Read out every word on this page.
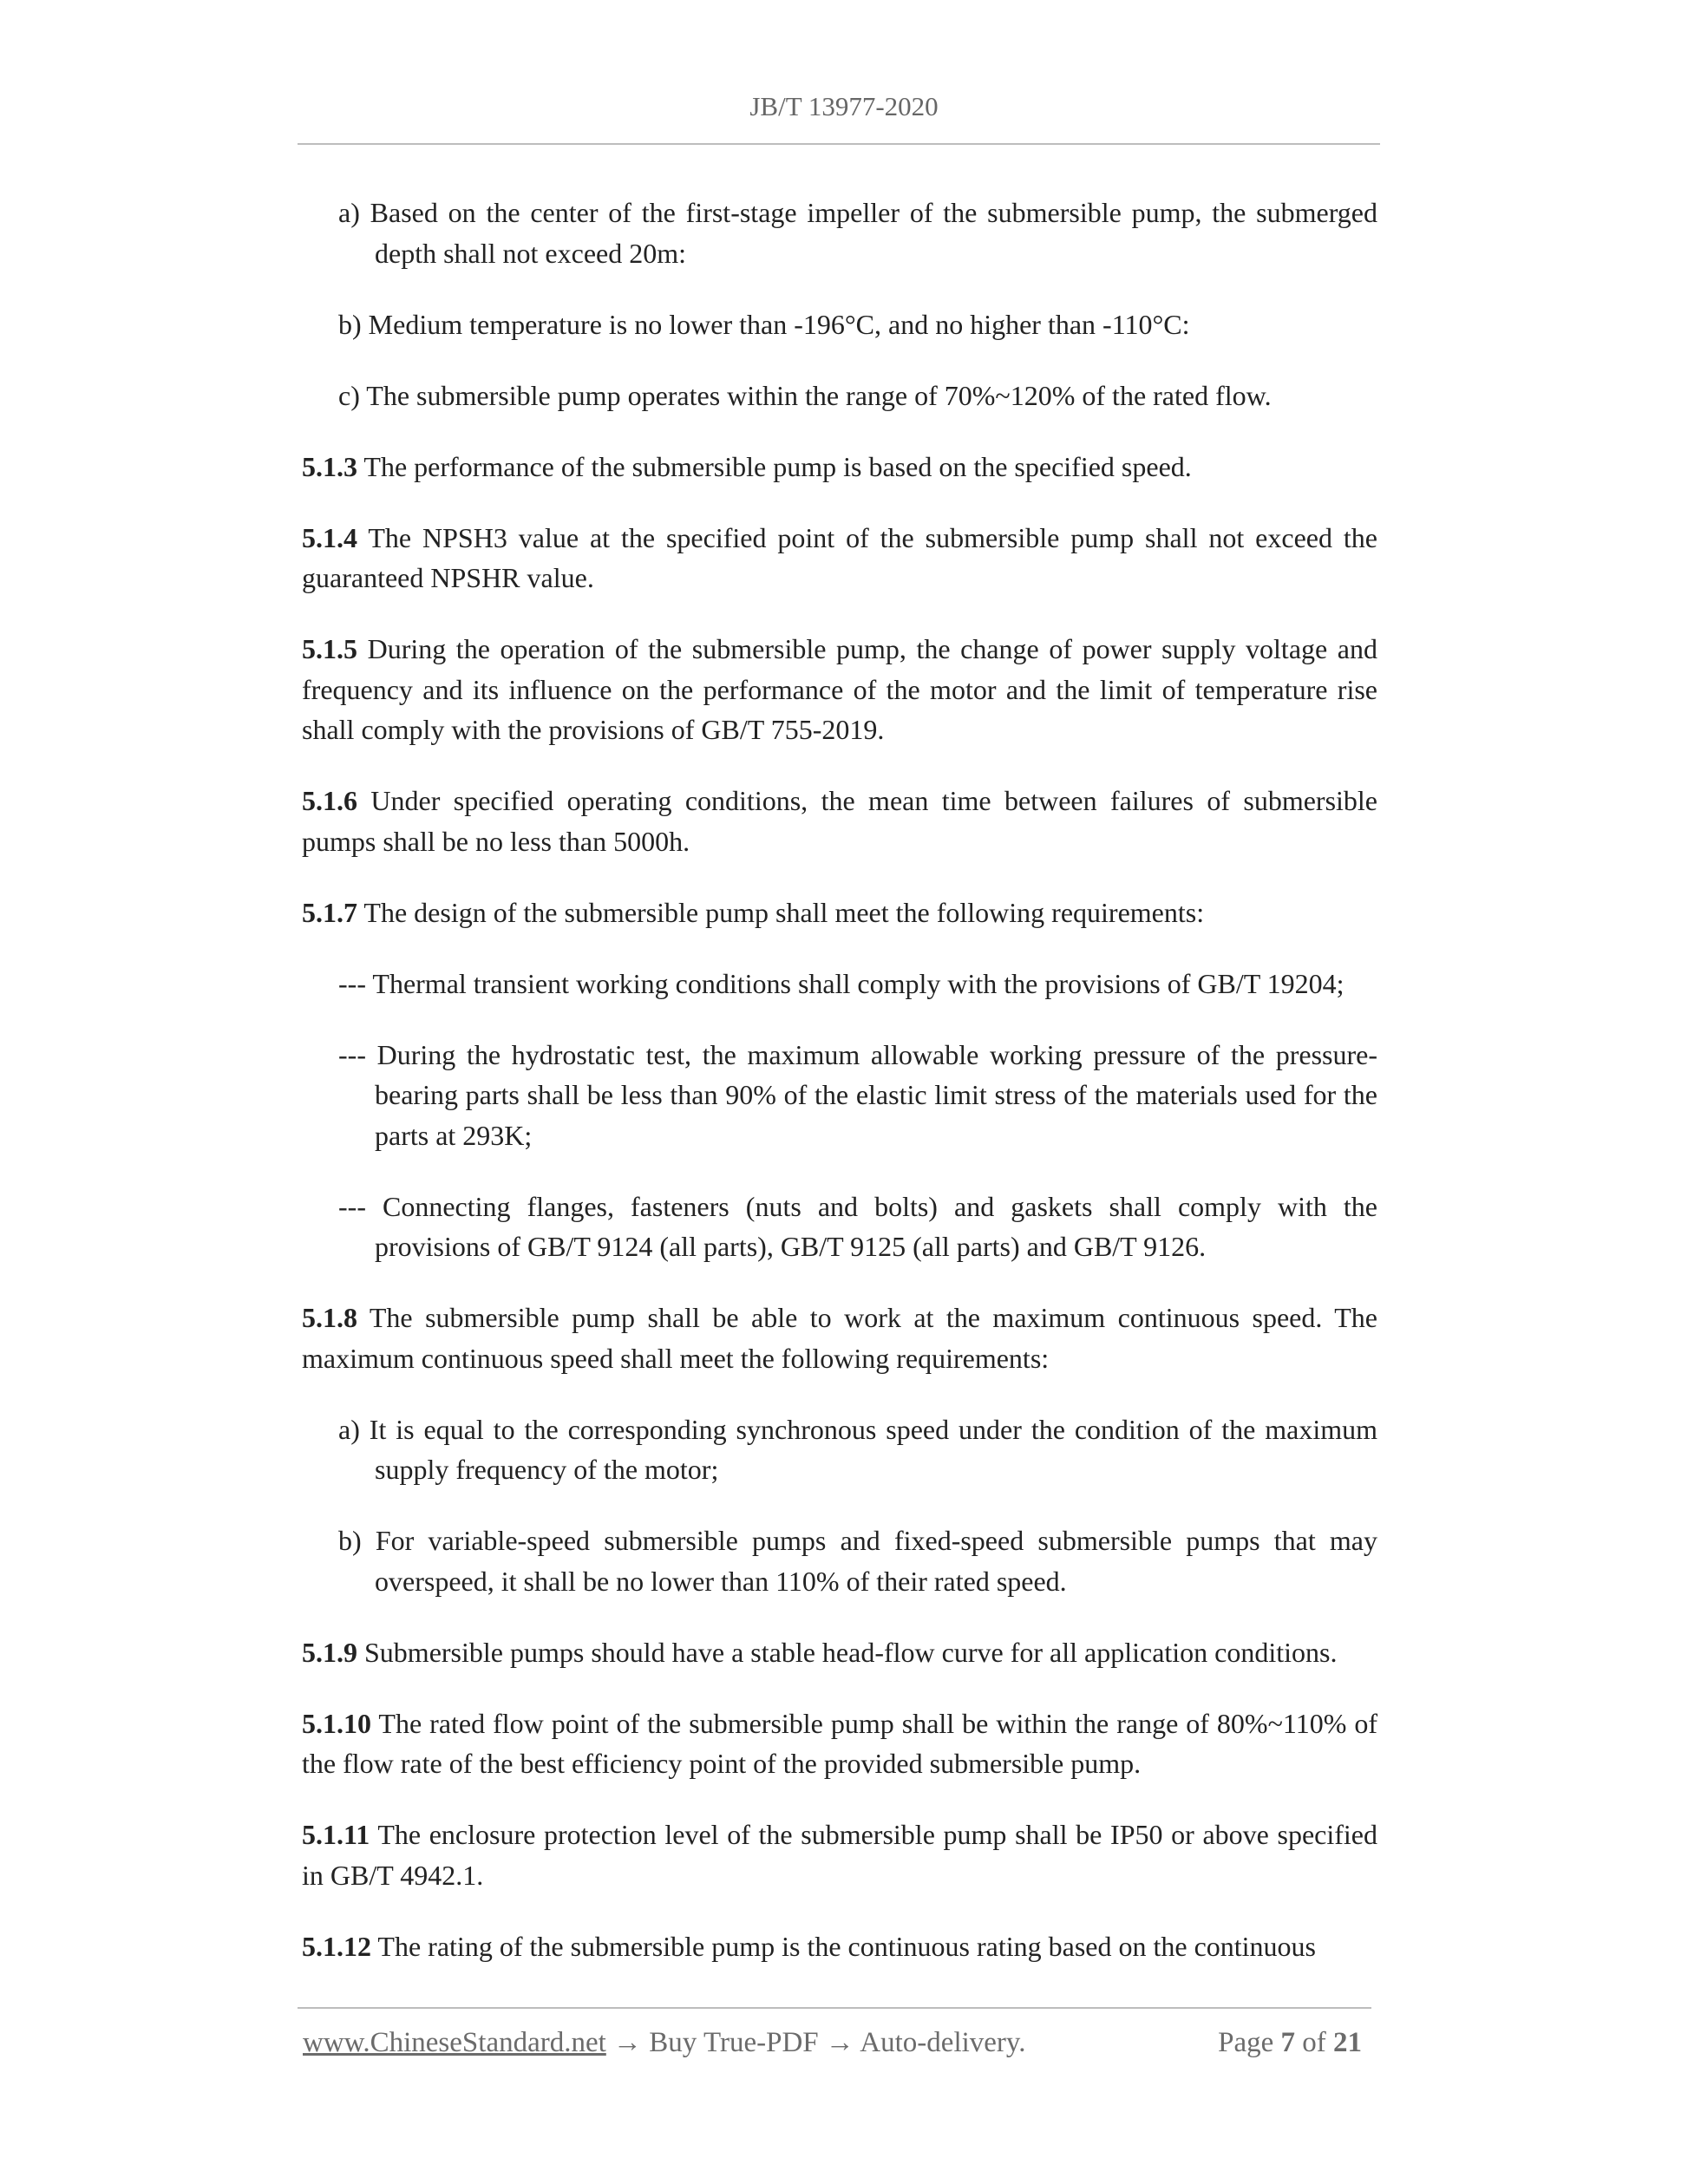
JB/T 13977-2020

a) Based on the center of the first-stage impeller of the submersible pump, the submerged depth shall not exceed 20m:

b) Medium temperature is no lower than -196°C, and no higher than -110°C:

c) The submersible pump operates within the range of 70%~120% of the rated flow.

5.1.3 The performance of the submersible pump is based on the specified speed.

5.1.4 The NPSH3 value at the specified point of the submersible pump shall not exceed the guaranteed NPSHR value.

5.1.5 During the operation of the submersible pump, the change of power supply voltage and frequency and its influence on the performance of the motor and the limit of temperature rise shall comply with the provisions of GB/T 755-2019.

5.1.6 Under specified operating conditions, the mean time between failures of submersible pumps shall be no less than 5000h.

5.1.7 The design of the submersible pump shall meet the following requirements:

--- Thermal transient working conditions shall comply with the provisions of GB/T 19204;

--- During the hydrostatic test, the maximum allowable working pressure of the pressure-bearing parts shall be less than 90% of the elastic limit stress of the materials used for the parts at 293K;

--- Connecting flanges, fasteners (nuts and bolts) and gaskets shall comply with the provisions of GB/T 9124 (all parts), GB/T 9125 (all parts) and GB/T 9126.

5.1.8 The submersible pump shall be able to work at the maximum continuous speed. The maximum continuous speed shall meet the following requirements:

a) It is equal to the corresponding synchronous speed under the condition of the maximum supply frequency of the motor;

b) For variable-speed submersible pumps and fixed-speed submersible pumps that may overspeed, it shall be no lower than 110% of their rated speed.

5.1.9 Submersible pumps should have a stable head-flow curve for all application conditions.

5.1.10 The rated flow point of the submersible pump shall be within the range of 80%~110% of the flow rate of the best efficiency point of the provided submersible pump.

5.1.11 The enclosure protection level of the submersible pump shall be IP50 or above specified in GB/T 4942.1.

5.1.12 The rating of the submersible pump is the continuous rating based on the continuous

www.ChineseStandard.net → Buy True-PDF → Auto-delivery.	Page 7 of 21
